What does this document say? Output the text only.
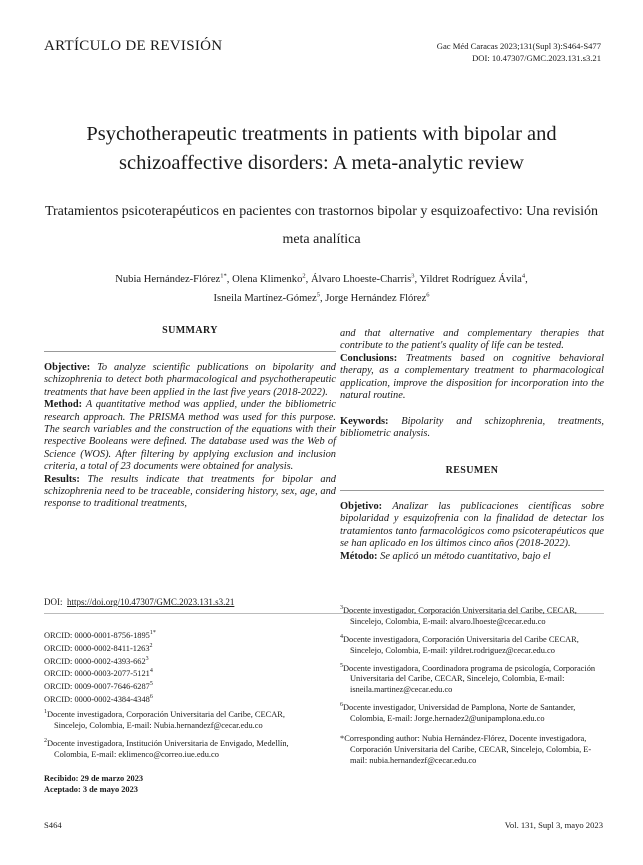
ARTÍCULO DE REVISIÓN	Gac Méd Caracas 2023;131(Supl 3):S464-S477
DOI: 10.47307/GMC.2023.131.s3.21
Psychotherapeutic treatments in patients with bipolar and schizoaffective disorders: A meta-analytic review
Tratamientos psicoterapéuticos en pacientes con trastornos bipolar y esquizoafectivo: Una revisión meta analítica
Nubia Hernández-Flórez$^{1*}$, Olena Klimenko$^2$, Álvaro Lhoeste-Charris$^3$, Yildret Rodríguez Ávila$^4$,
Isneila Martínez-Gómez$^5$, Jorge Hernández Flórez$^6$
SUMMARY
Objective: To analyze scientific publications on bipolarity and schizophrenia to detect both pharmacological and psychotherapeutic treatments that have been applied in the last five years (2018-2022).
Method: A quantitative method was applied, under the bibliometric research approach. The PRISMA method was used for this purpose. The search variables and the construction of the equations with their respective Booleans were defined. The database used was the Web of Science (WOS). After filtering by applying exclusion and inclusion criteria, a total of 23 documents were obtained for analysis.
Results: The results indicate that treatments for bipolar and schizophrenia need to be traceable, considering history, sex, age, and response to traditional treatments,
and that alternative and complementary therapies that contribute to the patient's quality of life can be tested.
Conclusions: Treatments based on cognitive behavioral therapy, as a complementary treatment to pharmacological application, improve the disposition for incorporation into the natural routine.
Keywords: Bipolarity and schizophrenia, treatments, bibliometric analysis.
RESUMEN
Objetivo: Analizar las publicaciones científicas sobre bipolaridad y esquizofrenia con la finalidad de detectar los tratamientos tanto farmacológicos como psicoterapéuticos que se han aplicado en los últimos cinco años (2018-2022).
Método: Se aplicó un método cuantitativo, bajo el
DOI: https://doi.org/10.47307/GMC.2023.131.s3.21
ORCID: $0000-0001-8756-1895^{1*}$
ORCID: 0000-0002-8411-1263$^2$
ORCID: $0000-0002-4393-662^3$
ORCID: 0000-0003-2077-5121$^4$
ORCID: 0009-0007-7646-6287$^5$
ORCID: 0000-0002-4384-4348$^6$

$^1$Docente investigadora, Corporación Universitaria del Caribe, CECAR, Sincelejo, Colombia, E-mail: Nubia.hernandezf@cecar.edu.co

$^2$Docente investigadora, Institución Universitaria de Envigado, Medellín, Colombia, E-mail: eklimenco@correo.iue.edu.co

Recibido: 29 de marzo 2023
Aceptado: 3 de mayo 2023

$^3$Docente investigador, Corporación Universitaria del Caribe, CECAR, Sincelejo, Colombia, E-mail: alvaro.lhoeste@cecar.edu.co

$^4$Docente investigadora, Corporación Universitaria del Caribe CECAR, Sincelejo, Colombia, E-mail: yildret.rodriguez@cecar.edu.co

$^5$Docente investigadora, Coordinadora programa de psicología, Corporación Universitaria del Caribe, CECAR, Sincelejo, Colombia, E-mail: isneila.martinez@cecar.edu.co

$^6$Docente investigador, Universidad de Pamplona, Norte de Santander, Colombia, E-mail: Jorge.hernadez2@unipamplona.edu.co

*Corresponding author: Nubia Hernández-Flórez, Docente investigadora, Corporación Universitaria del Caribe, CECAR, Sincelejo, Colombia, E-mail: nubia.hernandezf@cecar.edu.co

S464	Vol. 131, Supl 3, mayo 2023
